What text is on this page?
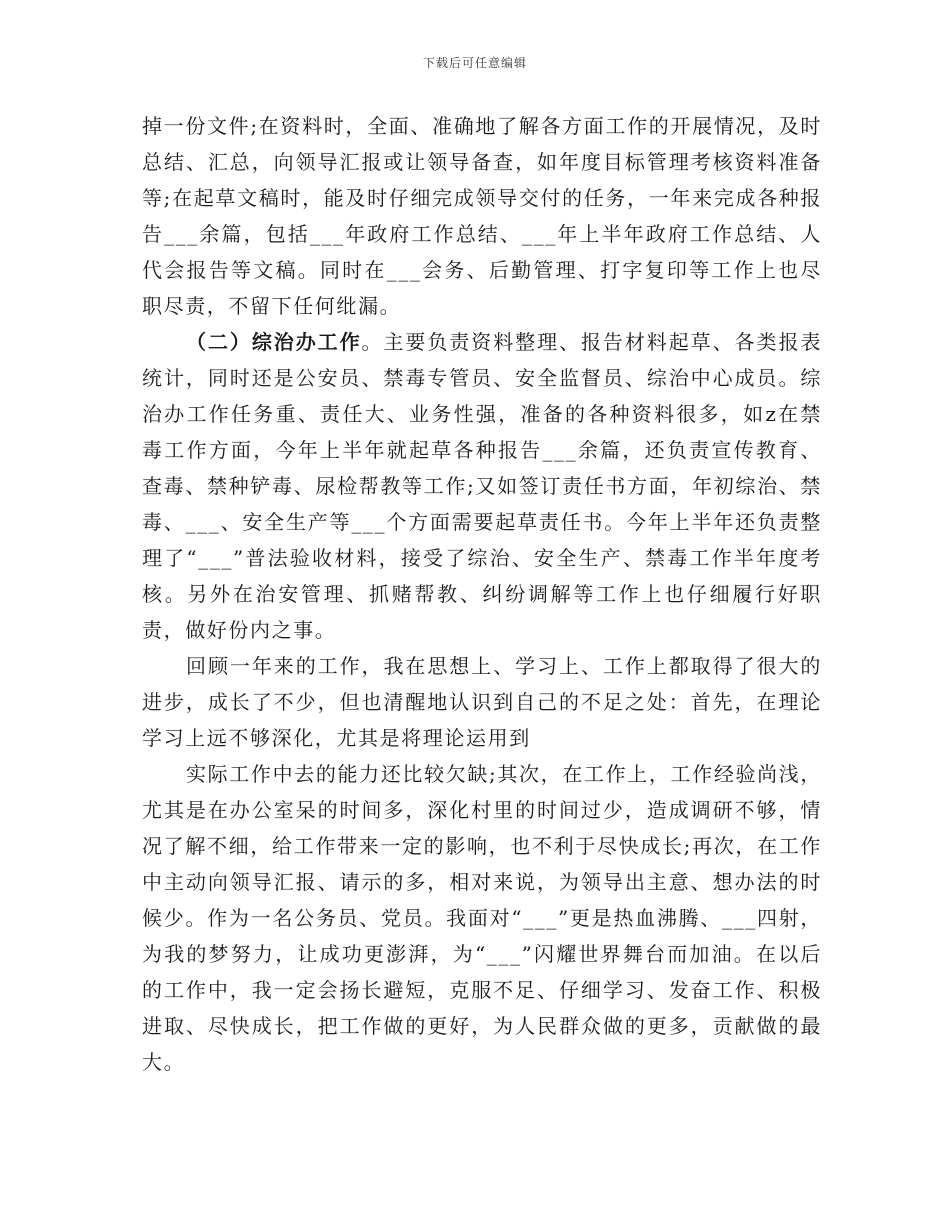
下载后可任意编辑

掉一份文件;在资料时，全面、准确地了解各方面工作的开展情况，及时总结、汇总，向领导汇报或让领导备查，如年度目标管理考核资料准备等;在起草文稿时，能及时仔细完成领导交付的任务，一年来完成各种报告___余篇，包括___年政府工作总结、___年上半年政府工作总结、人代会报告等文稿。同时在___会务、后勤管理、打字复印等工作上也尽职尽责，不留下任何纰漏。

（二）综治办工作。主要负责资料整理、报告材料起草、各类报表统计，同时还是公安员、禁毒专管员、安全监督员、综治中心成员。综治办工作任务重、责任大、业务性强，准备的各种资料很多，如z在禁毒工作方面，今年上半年就起草各种报告___余篇，还负责宣传教育、查毒、禁种铲毒、尿检帮教等工作;又如签订责任书方面，年初综治、禁毒、___、安全生产等___个方面需要起草责任书。今年上半年还负责整理了“___”普法验收材料，接受了综治、安全生产、禁毒工作半年度考核。另外在治安管理、抓赌帮教、纠纷调解等工作上也仔细履行好职责，做好份内之事。

回顾一年来的工作，我在思想上、学习上、工作上都取得了很大的进步，成长了不少，但也清醒地认识到自己的不足之处：首先，在理论学习上远不够深化，尤其是将理论运用到

实际工作中去的能力还比较欠缺;其次，在工作上，工作经验尚浅，尤其是在办公室呆的时间多，深化村里的时间过少，造成调研不够，情况了解不细，给工作带来一定的影响，也不利于尽快成长;再次，在工作中主动向领导汇报、请示的多，相对来说，为领导出主意、想办法的时候少。作为一名公务员、党员。我面对“___”更是热血沸腾、___四射，为我的梦努力，让成功更澎湃，为“___”闪耀世界舞台而加油。在以后的工作中，我一定会扬长避短，克服不足、仔细学习、发奋工作、积极进取、尽快成长，把工作做的更好，为人民群众做的更多，贡献做的最大。
